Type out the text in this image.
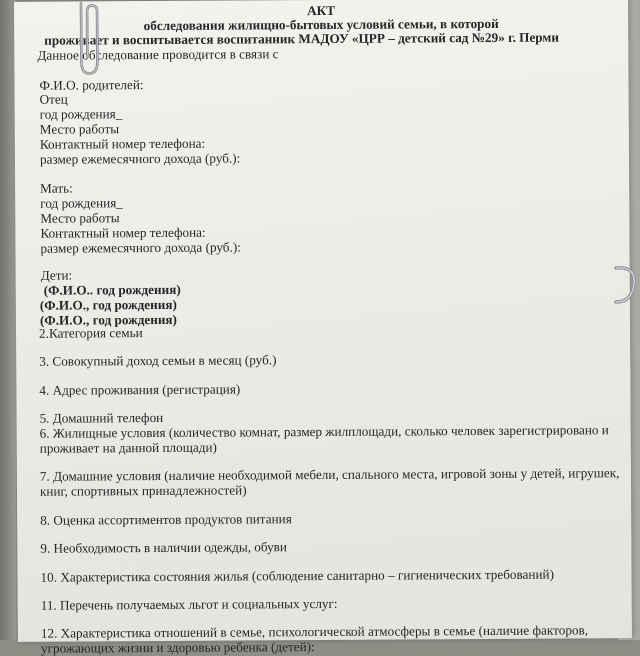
АКТ
обследования жилищно-бытовых условий семьи, в которой
проживает и воспитывается воспитанник МАДОУ «ЦРР – детский сад №29» г. Перми
Данное обследование проводится в связи с
Ф.И.О. родителей:
Отец
год рождения_
Место работы
Контактный номер телефона:
размер ежемесячного дохода (руб.):
Мать:
год рождения_
Место работы
Контактный номер телефона:
размер ежемесячного дохода (руб.):
Дети:
(Ф.И.О.. год рождения)
(Ф.И.О., год рождения)
(Ф.И.О., год рождения)
2.Категория семьи
3. Совокупный доход семьи в месяц (руб.)
4. Адрес проживания (регистрация)
5. Домашний телефон
6. Жилищные условия (количество комнат, размер жилплощади, сколько человек зарегистрировано и
проживает на данной площади)
7. Домашние условия (наличие необходимой мебели, спального места, игровой зоны у детей, игрушек,
книг, спортивных принадлежностей)
8. Оценка ассортиментов продуктов питания
9. Необходимость в наличии одежды, обуви
10. Характеристика состояния жилья (соблюдение санитарно – гигиенических требований)
11. Перечень получаемых льгот и социальных услуг:
12. Характеристика отношений в семье, психологической атмосферы в семье (наличие факторов,
угрожающих жизни и здоровью ребенка (детей):
